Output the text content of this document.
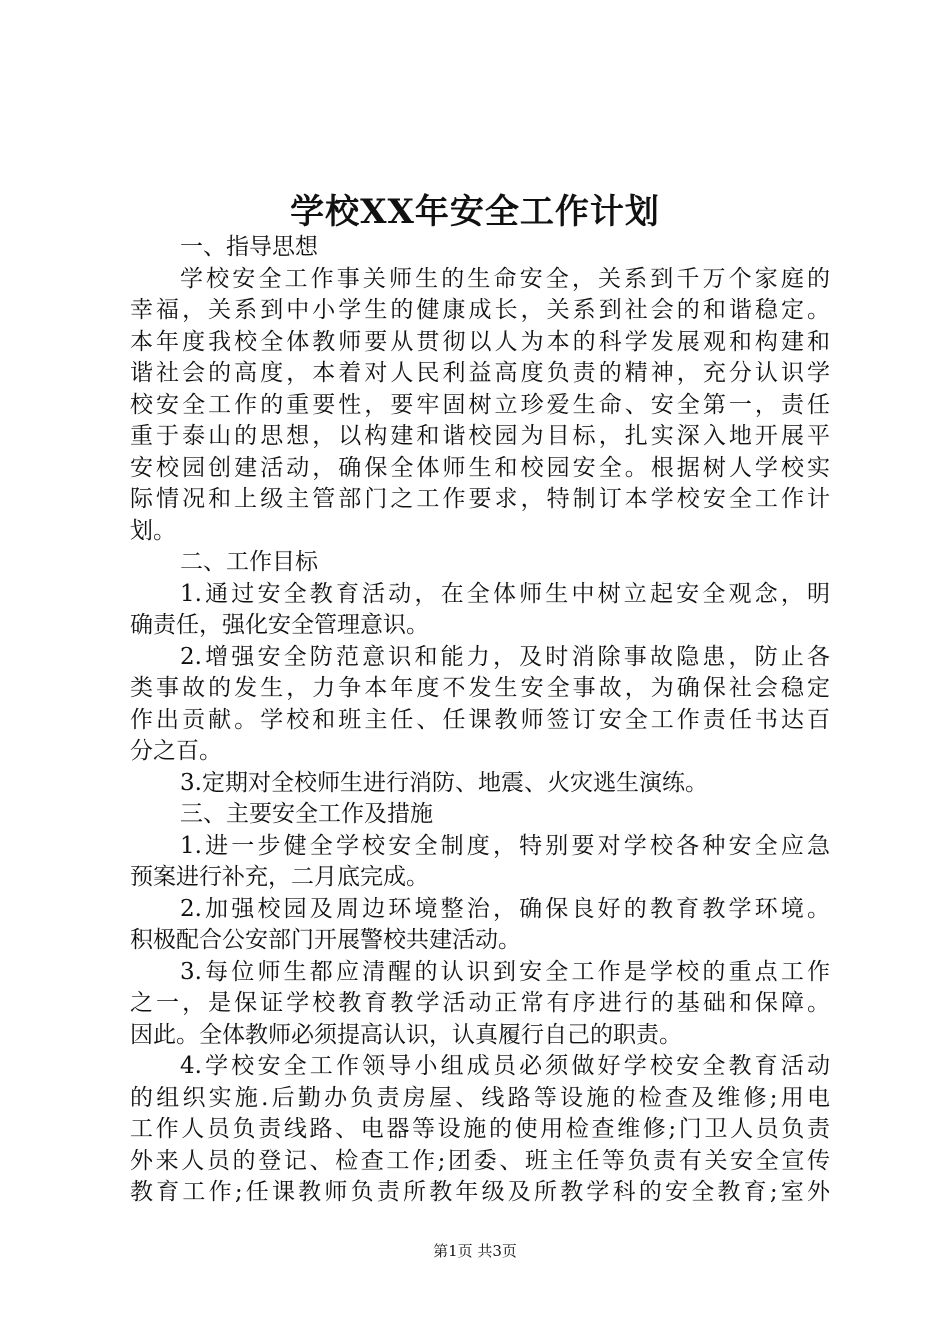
学校XX年安全工作计划
一、指导思想
学校安全工作事关师生的生命安全，关系到千万个家庭的
幸福，关系到中小学生的健康成长，关系到社会的和谐稳定。
本年度我校全体教师要从贯彻以人为本的科学发展观和构建和
谐社会的高度，本着对人民利益高度负责的精神，充分认识学
校安全工作的重要性，要牢固树立珍爱生命、安全第一，责任
重于泰山的思想，以构建和谐校园为目标，扎实深入地开展平
安校园创建活动，确保全体师生和校园安全。根据树人学校实
际情况和上级主管部门之工作要求，特制订本学校安全工作计
划。
二、工作目标
1.通过安全教育活动，在全体师生中树立起安全观念，明
确责任，强化安全管理意识。
2.增强安全防范意识和能力，及时消除事故隐患，防止各
类事故的发生，力争本年度不发生安全事故，为确保社会稳定
作出贡献。学校和班主任、任课教师签订安全工作责任书达百
分之百。
3.定期对全校师生进行消防、地震、火灾逃生演练。
三、主要安全工作及措施
1.进一步健全学校安全制度，特别要对学校各种安全应急
预案进行补充，二月底完成。
2.加强校园及周边环境整治，确保良好的教育教学环境。
积极配合公安部门开展警校共建活动。
3.每位师生都应清醒的认识到安全工作是学校的重点工作
之一，是保证学校教育教学活动正常有序进行的基础和保障。
因此。全体教师必须提高认识，认真履行自己的职责。
4.学校安全工作领导小组成员必须做好学校安全教育活动
的组织实施.后勤办负责房屋、线路等设施的检查及维修;用电
工作人员负责线路、电器等设施的使用检查维修;门卫人员负责
外来人员的登记、检查工作;团委、班主任等负责有关安全宣传
教育工作;任课教师负责所教年级及所教学科的安全教育;室外
第1页 共3页
